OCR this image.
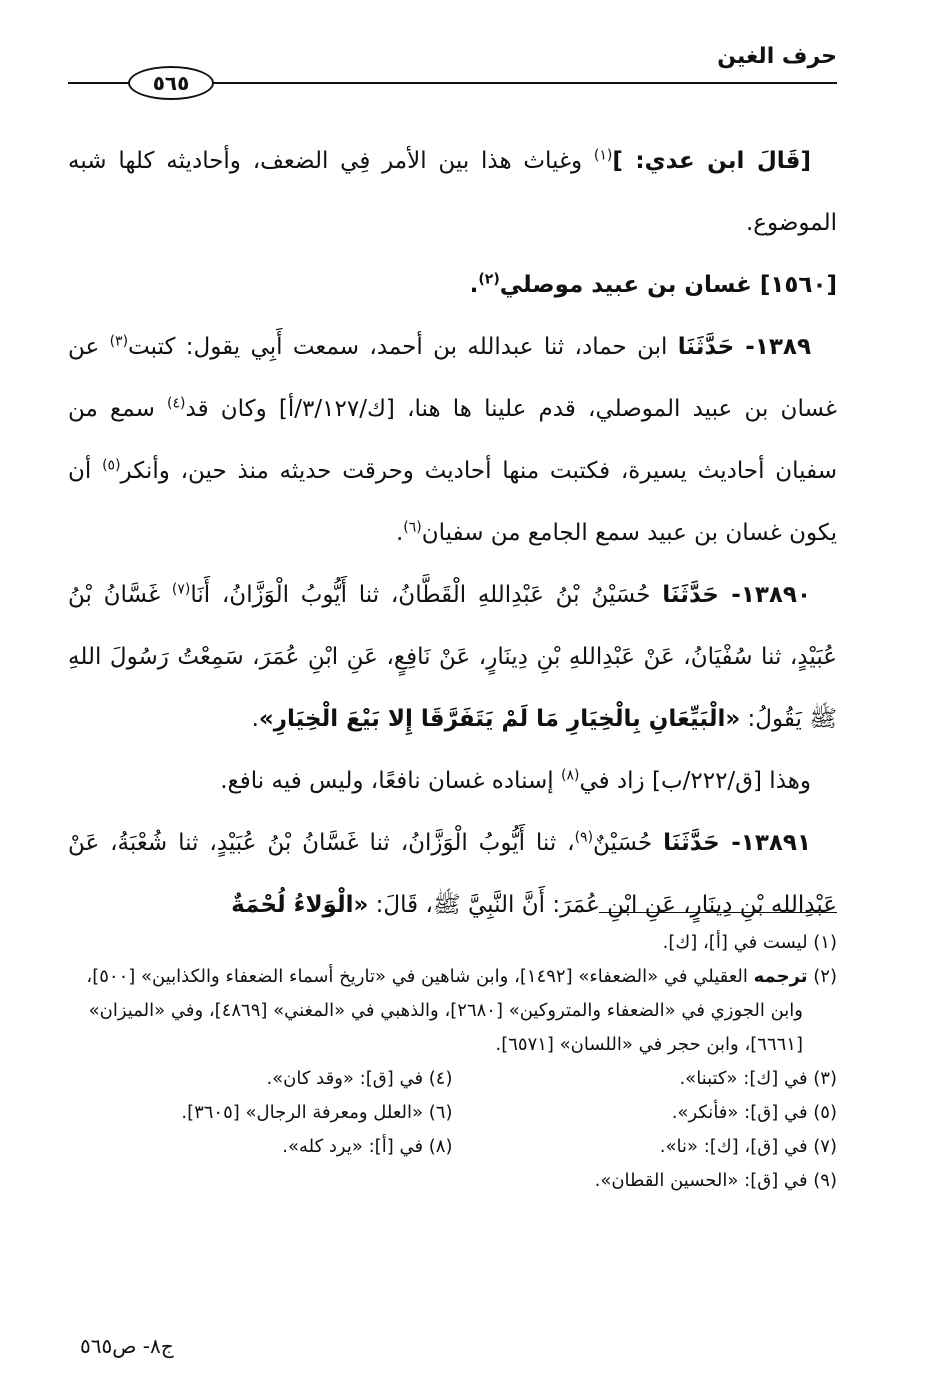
حرف الغين
٥٦٥

[قَالَ ابن عدي: ]$^{(١)}$ وغياث هذا بين الأمر فِي الضعف، وأحاديثه كلها شبه الموضوع.

[١٥٦٠] غسان بن عبيد موصلي$^{(٢)}$.

١٣٨٩- حَدَّثَنَا ابن حماد، ثنا عبدالله بن أحمد، سمعت أَبِي يقول: كتبت$^{(٣)}$ عن غسان بن عبيد الموصلي، قدم علينا ها هنا، [ك/٣/١٢٧/أ] وكان قد$^{(٤)}$ سمع من سفيان أحاديث يسيرة، فكتبت منها أحاديث وحرقت حديثه منذ حين، وأنكر$^{(٥)}$ أن يكون غسان بن عبيد سمع الجامع من سفيان$^{(٦)}$.

١٣٨٩٠- حَدَّثَنَا حُسَيْنُ بْنُ عَبْدِاللهِ الْقَطَّانُ، ثنا أَيُّوبُ الْوَزَّانُ، أَنَا$^{(٧)}$ غَسَّانُ بْنُ عُبَيْدٍ، ثنا سُفْيَانُ، عَنْ عَبْدِاللهِ بْنِ دِينَارٍ، عَنْ نَافِعٍ، عَنِ ابْنِ عُمَرَ، سَمِعْتُ رَسُولَ اللهِ ﷺ يَقُولُ: «الْبَيِّعَانِ بِالْخِيَارِ مَا لَمْ يَتَفَرَّقَا إِلا بَيْعَ الْخِيَارِ».

وهذا [ق/٢٢٢/ب] زاد في$^{(٨)}$ إسناده غسان نافعًا، وليس فيه نافع.

١٣٨٩١- حَدَّثَنَا حُسَيْنٌ$^{(٩)}$، ثنا أَيُّوبُ الْوَزَّانُ، ثنا غَسَّانُ بْنُ عُبَيْدٍ، ثنا شُعْبَةُ، عَنْ عَبْدِالله بْنِ دِينَارٍ، عَنِ ابْنِ عُمَرَ: أَنَّ النَّبِيَّ ﷺ، قَالَ: «الْوَلاءُ لُحْمَةٌ

(١) ليست في [أ]، [ك].

(٢) ترجمه العقيلي في «الضعفاء» [١٤٩٢]، وابن شاهين في «تاريخ أسماء الضعفاء والكذابين» [٥٠٠]، وابن الجوزي في «الضعفاء والمتروكين» [٢٦٨٠]، والذهبي في «المغني» [٤٨٦٩]، وفي «الميزان» [٦٦٦١]، وابن حجر في «اللسان» [٦٥٧١].

(٣) في [ك]: «كتبنا».
(٤) في [ق]: «وقد كان».
(٥) في [ق]: «فأنكر».
(٦) «العلل ومعرفة الرجال» [٣٦٠٥].
(٧) في [ق]، [ك]: «نا».
(٨) في [أ]: «يرد كله».

(٩) في [ق]: «الحسين القطان».

ج٨- ص٥٦٥
